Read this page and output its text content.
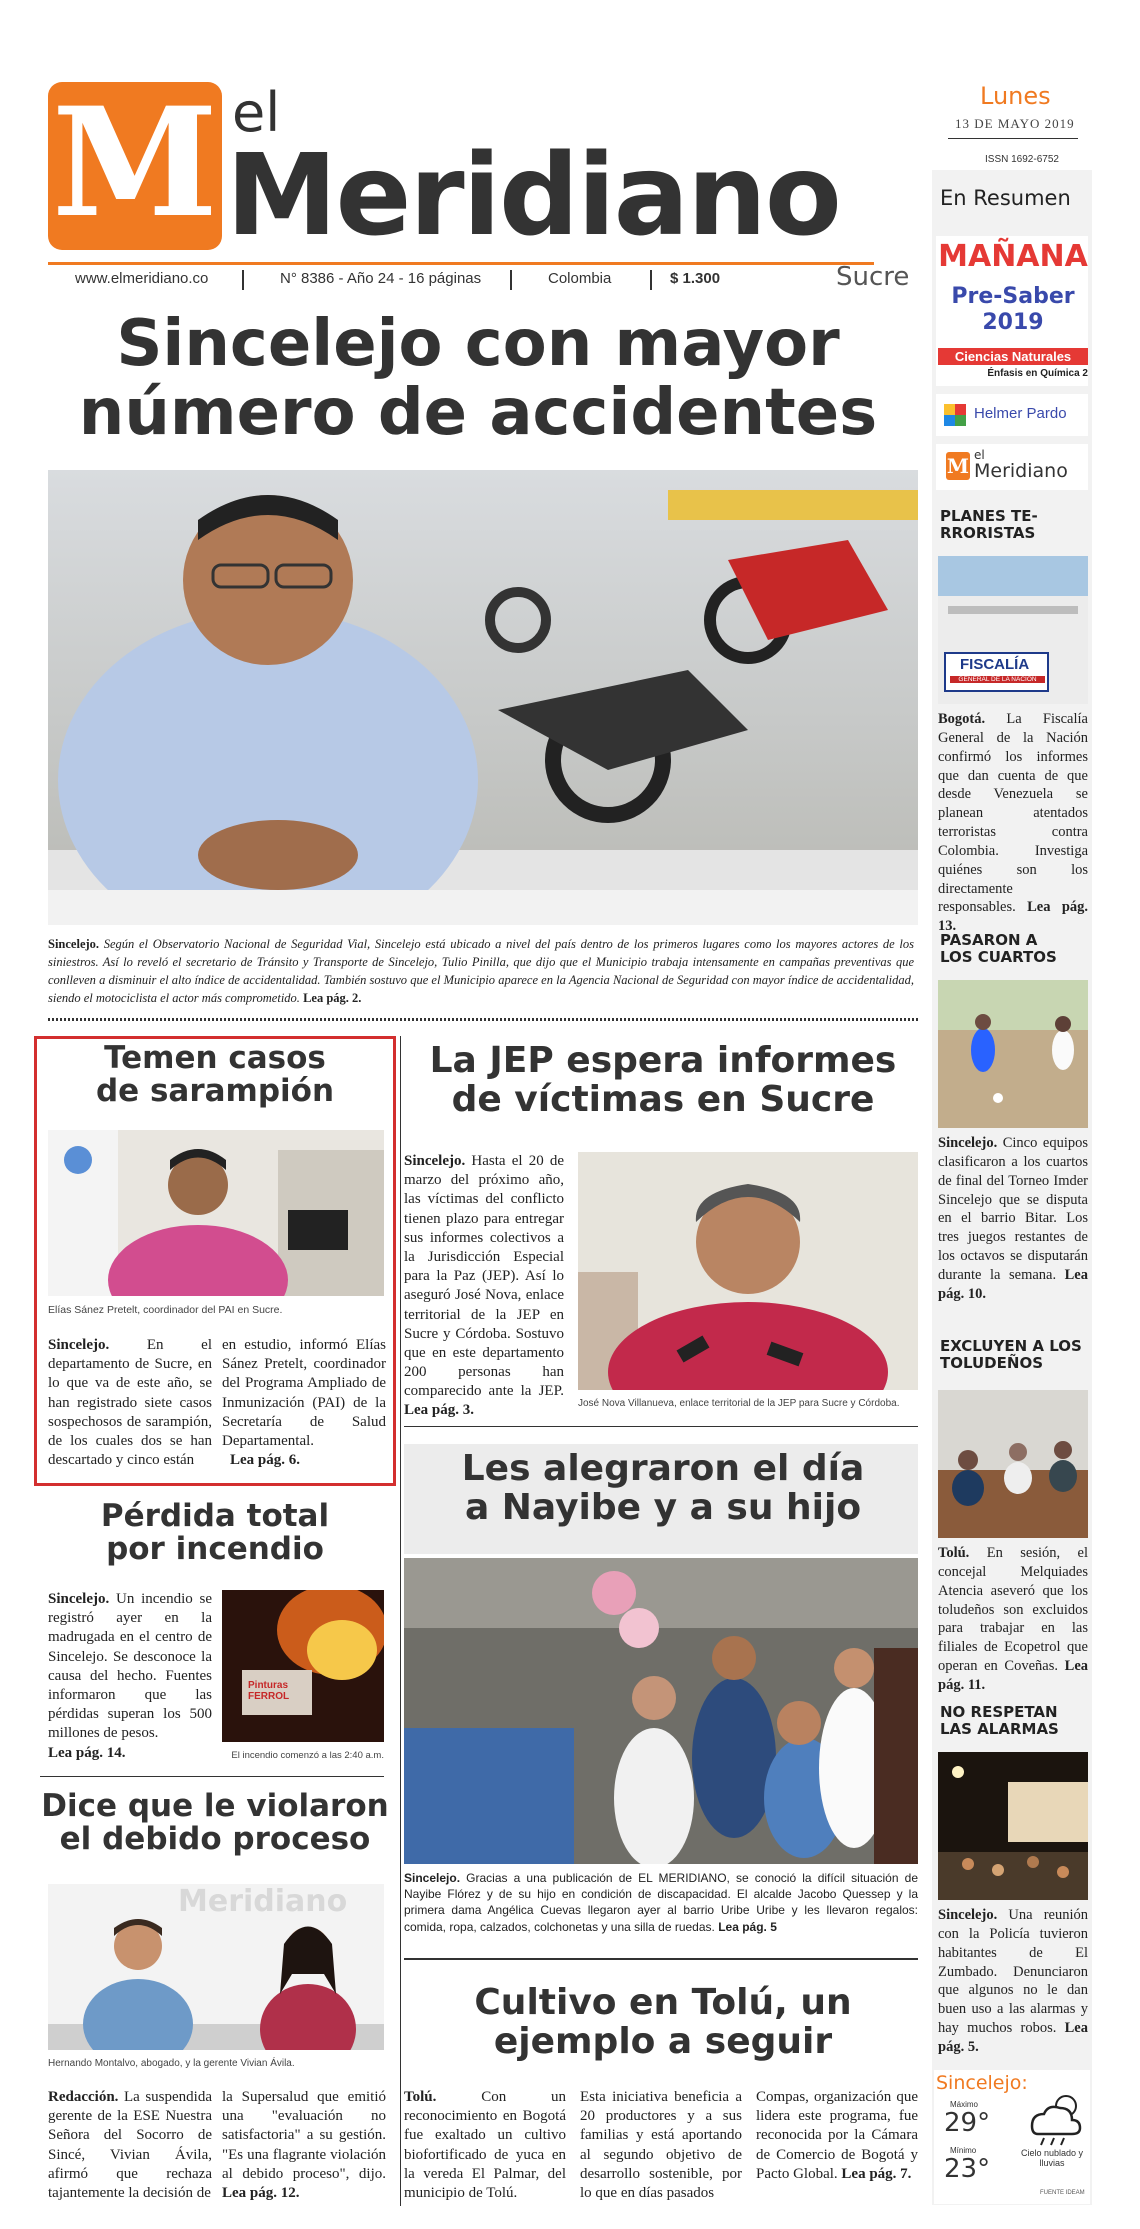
M el
Meridiano
www.elmeridiano.co	N° 8386 - Año 24 - 16 páginas	Colombia	$ 1.300	Sucre
Lunes
13 DE MAYO 2019
ISSN 1692-6752
Sincelejo con mayor
número de accidentes
Sincelejo. Según el Observatorio Nacional de Seguridad Vial, Sincelejo está ubicado a nivel del país dentro de los primeros lugares como los mayores actores de los siniestros. Así lo reveló el secretario de Tránsito y Transporte de Sincelejo, Tulio Pinilla, que dijo que el Municipio trabaja intensamente en campañas preventivas que conlleven a disminuir el alto índice de accidentalidad. También sostuvo que el Municipio aparece en la Agencia Nacional de Seguridad con mayor índice de accidentalidad, siendo el motociclista el actor más comprometido. Lea pág. 2.
Temen casos
de sarampión
Elías Sánez Pretelt, coordinador del PAI en Sucre.
Sincelejo.	En el departamento de Sucre, en lo que va de este año, se han registrado siete casos sospechosos de sarampión, de los cuales dos se han descartado y cinco están
en estudio, informó Elías Sánez Pretelt, coordinador del Programa Ampliado de Inmunización (PAI) de la Secretaría de Salud Departamental.
Lea pág. 6.
La JEP espera informes
de víctimas en Sucre
Sincelejo. Hasta el 20 de marzo del próximo año, las víctimas del conflicto tienen plazo para entregar sus informes colectivos a la Jurisdicción Especial para la Paz (JEP). Así lo aseguró José Nova, enlace territorial de la JEP en Sucre y Córdoba. Sostuvo que en este departamento 200 personas han comparecido ante la JEP. Lea pág. 3.	José Nova Villanueva, enlace territorial de la JEP para Sucre y Córdoba.
Pérdida total
por incendio
Sincelejo. Un incendio se registró ayer en la madrugada en el centro de Sincelejo. Se desconoce la causa del hecho. Fuentes informaron que las pérdidas superan los 500 millones de pesos.
Lea pág. 14.
Pinturas FERROL
El incendio comenzó a las 2:40 a.m.
Les alegraron el día
a Nayibe y a su hijo
Sincelejo. Gracias a una publicación de EL MERIDIANO, se conoció la difícil situación de Nayibe Flórez y de su hijo en condición de discapacidad. El alcalde Jacobo Quessep y la primera dama Angélica Cuevas llegaron ayer al barrio Uribe Uribe y les llevaron regalos: comida, ropa, calzados, colchonetas y una silla de ruedas. Lea pág. 5
Dice que le violaron
el debido proceso
Meridiano
Hernando Montalvo, abogado, y la gerente Vivian Ávila.
Redacción. La suspendida gerente de la ESE Nuestra Señora del Socorro de Sincé, Vivian Ávila, afirmó que rechaza tajantemente la decisión de
la Supersalud que emitió una "evaluación no satisfactoria" a su gestión. "Es una flagrante violación al debido proceso", dijo. Lea pág. 12.
Cultivo en Tolú, un
ejemplo a seguir
Tolú.	Con un reconocimiento en Bogotá fue exaltado un cultivo biofortificado de yuca en la vereda El Palmar, del municipio de Tolú.
Esta iniciativa beneficia a 20 productores y a sus familias y está aportando al segundo objetivo de desarrollo sostenible, por lo que en días pasados
Compas, organización que lidera este programa, fue reconocida por la Cámara de Comercio de Bogotá y Pacto Global. Lea pág. 7.
En Resumen
MAÑANA
Pre-Saber
2019
Ciencias Naturales
Énfasis en Química 2
Helmer Pardo
M el
Meridiano
PLANES TE-
RRORISTAS
FISCALÍA
GENERAL DE LA NACIÓN
Bogotá. La Fiscalía General de la Nación confirmó los informes que dan cuenta de que desde Venezuela se planean atentados terroristas contra Colombia. Investiga quiénes son los directamente responsables. Lea pág. 13.
PASARON A
LOS CUARTOS
Sincelejo. Cinco equipos clasificaron a los cuartos de final del Torneo Imder Sincelejo que se disputa en el barrio Bitar. Los tres juegos restantes de los octavos se disputarán durante la semana. Lea pág. 10.
EXCLUYEN A LOS
TOLUDEÑOS
Tolú. En sesión, el concejal Melquiades Atencia aseveró que los toludeños son excluidos para trabajar en las filiales de Ecopetrol que operan en Coveñas. Lea pág. 11.
NO RESPETAN
LAS ALARMAS
Sincelejo. Una reunión con la Policía tuvieron habitantes de El Zumbado. Denunciaron que algunos no le dan buen uso a las alarmas y hay muchos robos. Lea pág. 5.
Sincelejo:
Máximo
29°
Mínimo
23°
Cielo nublado y lluvias
FUENTE IDEAM
